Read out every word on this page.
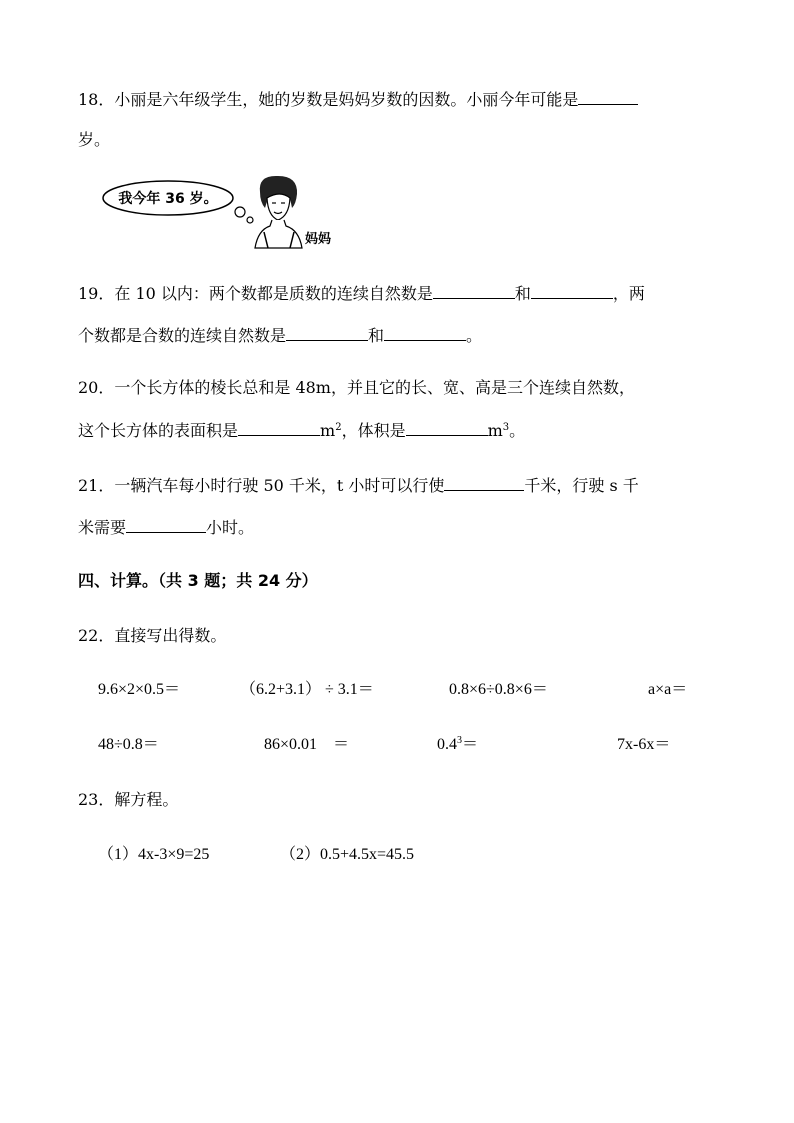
18．小丽是六年级学生，她的岁数是妈妈岁数的因数。小丽今年可能是
岁。
我今年 36 岁。
妈妈
19．在 10 以内：两个数都是质数的连续自然数是	和	，两
个数都是合数的连续自然数是	和	。
20．一个长方体的棱长总和是 48m，并且它的长、宽、高是三个连续自然数，
这个长方体的表面积是	$m^2$，体积是	$m^3$。
21．一辆汽车每小时行驶 50 千米，t 小时可以行使	千米，行驶 s 千
米需要	小时。
四、计算。（共 3 题；共 24 分）
22．直接写出得数。
9.6×2×0.5＝	（6.2+3.1） ÷ 3.1＝	0.8×6÷0.8×6＝	a×a＝
48÷0.8＝	86×0.01　＝	$0.4^3=$	7x-6x＝
23．解方程。
（1）4x-3×9=25	（2）0.5+4.5x=45.5
